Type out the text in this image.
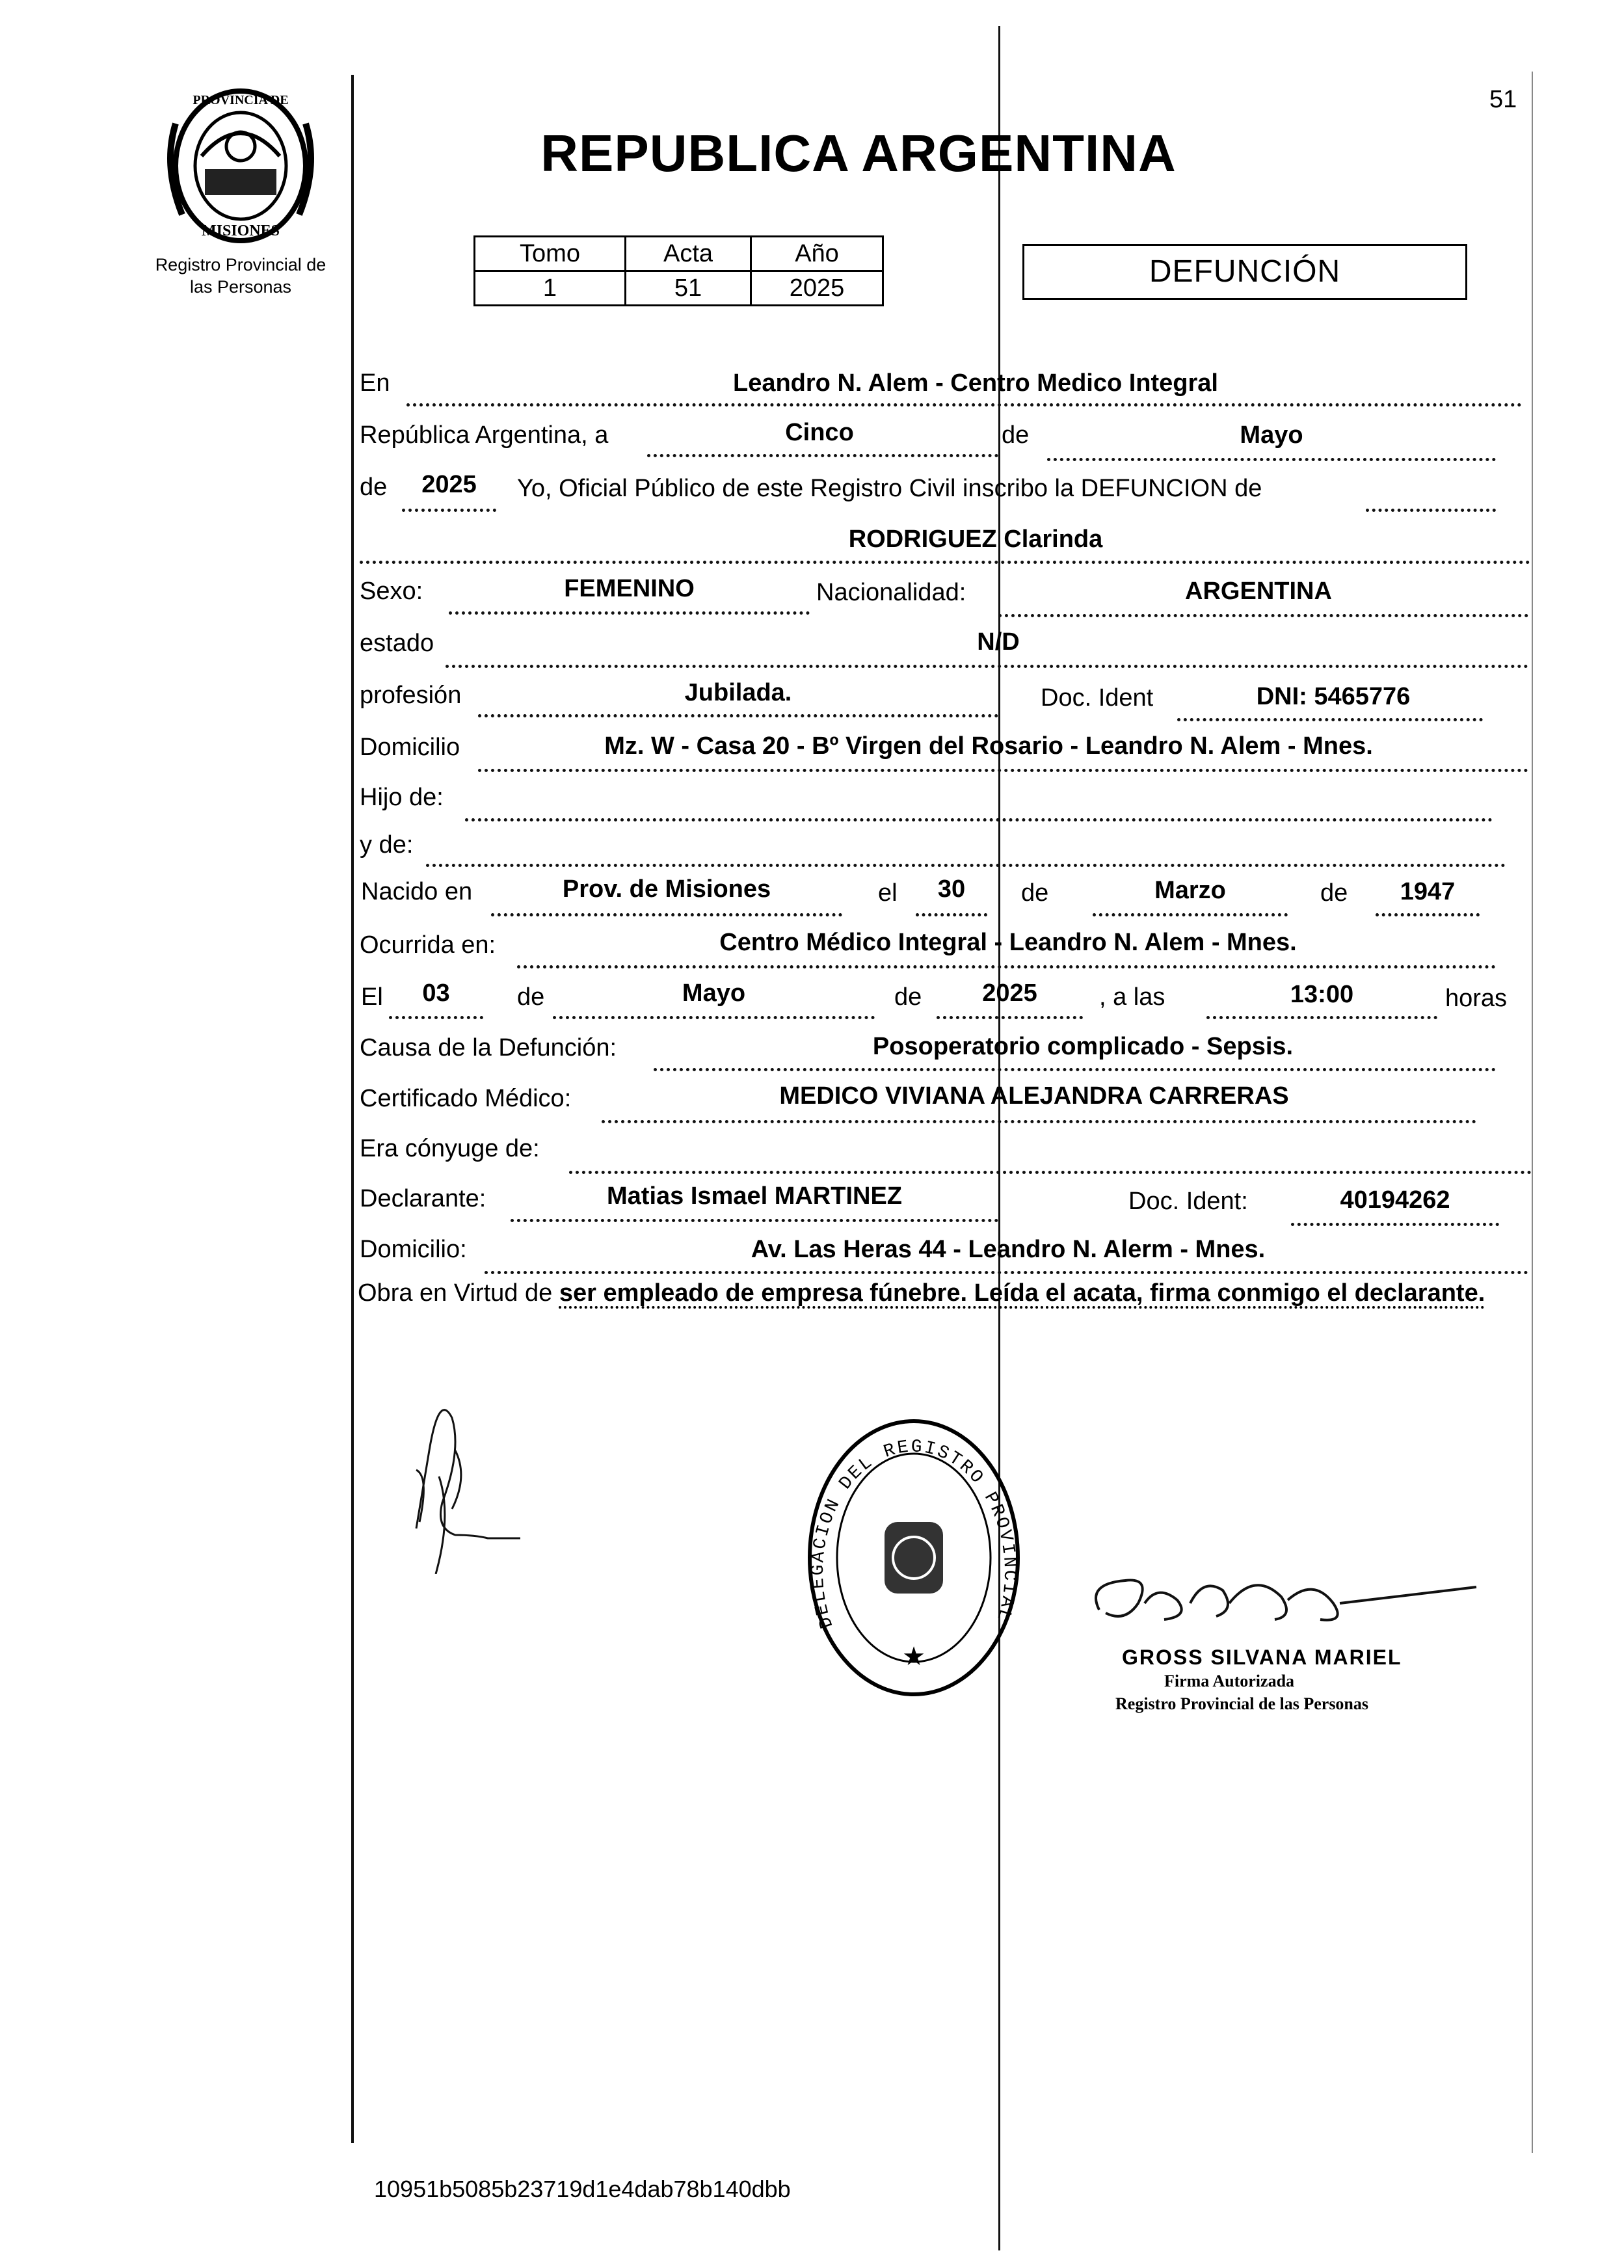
51
PROVINCIA DE
MISIONES
Registro Provincial de
las Personas
REPUBLICA ARGENTINA
Tomo	Acta	Año
1	51	2025	DEFUNCIÓN
En	Leandro N. Alem - Centro Medico Integral
República Argentina, a	Cinco	de	Mayo
de	2025	Yo, Oficial Público de este Registro Civil inscribo la DEFUNCION de
RODRIGUEZ Clarinda
Sexo:	FEMENINO	Nacionalidad:	ARGENTINA
estado	N/D
profesión	Jubilada.	Doc. Ident	DNI: 5465776
Domicilio	Mz. W - Casa 20 - Bº Virgen del Rosario - Leandro N. Alem - Mnes.
Hijo de:
y de:
Nacido en	Prov. de Misiones	el	30	de	Marzo	de	1947
Ocurrida en:	Centro Médico Integral - Leandro N. Alem - Mnes.
El	03	de	Mayo	de	2025	, a las	13:00	horas
Causa de la Defunción:	Posoperatorio complicado - Sepsis.
Certificado Médico:	MEDICO VIVIANA ALEJANDRA CARRERAS
Era cónyuge de:
Declarante:	Matias Ismael MARTINEZ	Doc. Ident:	40194262
Domicilio:	Av. Las Heras 44 - Leandro N. Alerm - Mnes.
Obra en Virtud de ser empleado de empresa fúnebre. Leída el acata, firma conmigo el declarante.
★
DELEGACION DEL REGISTRO PROVINCIAL
GROSS SILVANA MARIEL
Firma Autorizada
Registro Provincial de las Personas
10951b5085b23719d1e4dab78b140dbb
